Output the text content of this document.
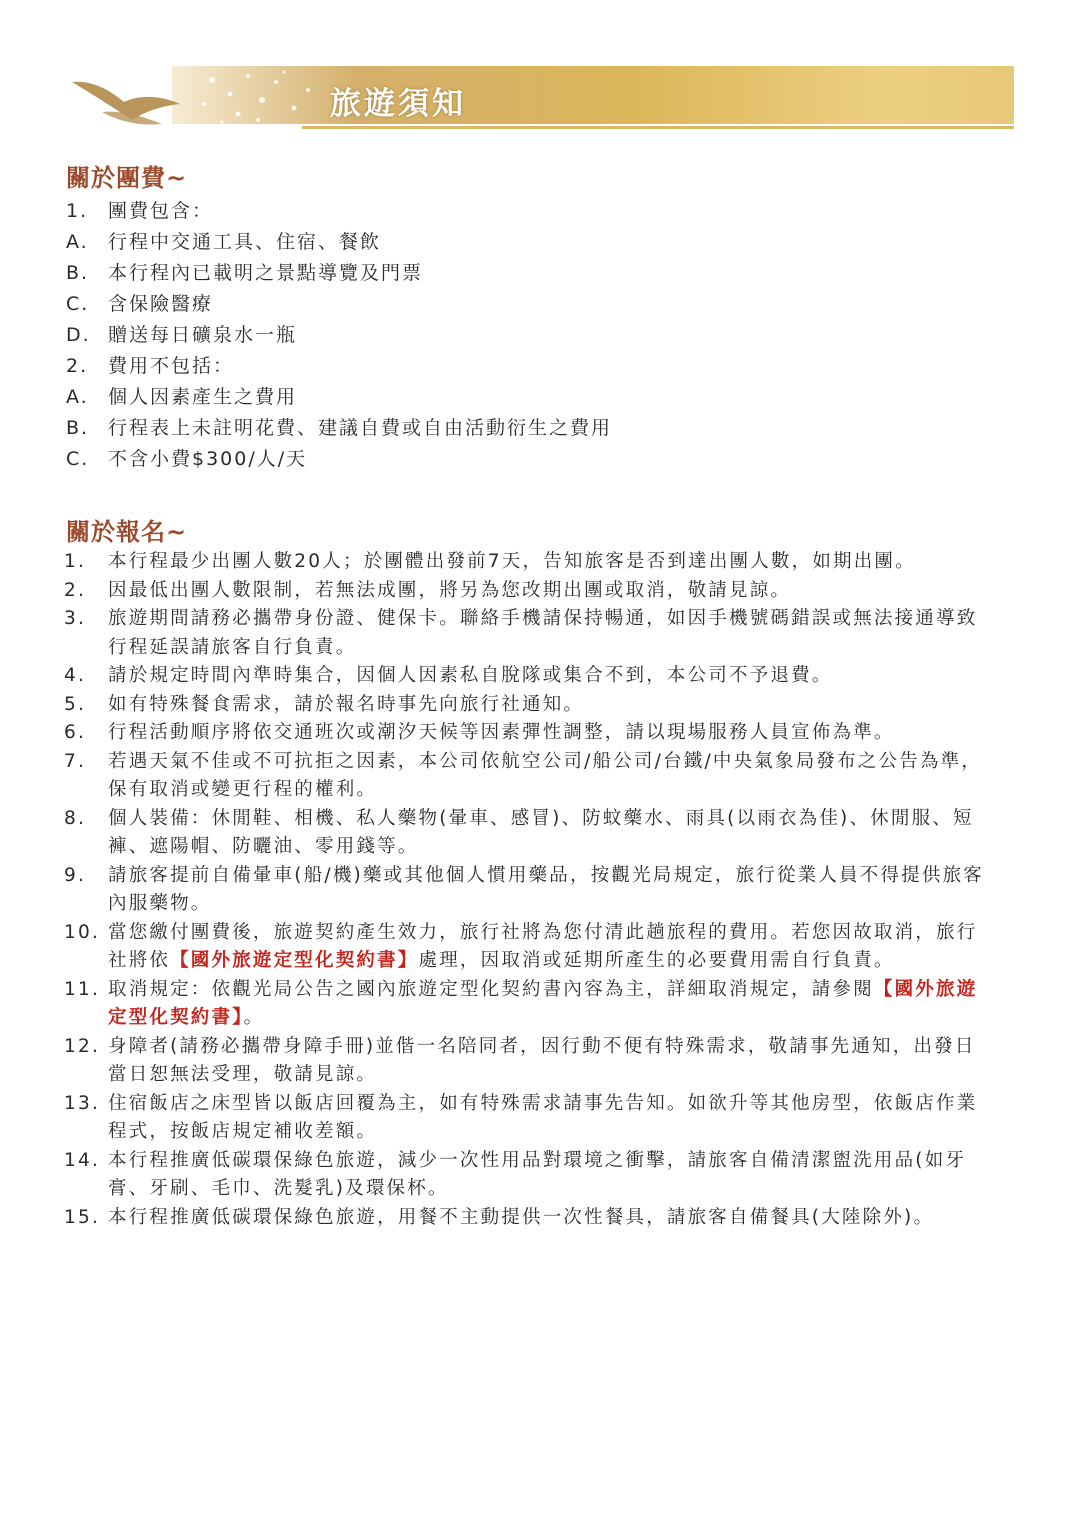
旅遊須知
關於團費~
1. 團費包含：
A. 行程中交通工具、住宿、餐飲
B. 本行程內已載明之景點導覽及門票
C. 含保險醫療
D. 贈送每日礦泉水一瓶
2. 費用不包括：
A. 個人因素產生之費用
B. 行程表上未註明花費、建議自費或自由活動衍生之費用
C. 不含小費$300/人/天
關於報名~
1. 本行程最少出團人數20人；於團體出發前7天，告知旅客是否到達出團人數，如期出團。
2. 因最低出團人數限制，若無法成團，將另為您改期出團或取消，敬請見諒。
3. 旅遊期間請務必攜帶身份證、健保卡。聯絡手機請保持暢通，如因手機號碼錯誤或無法接通導致行程延誤請旅客自行負責。
4. 請於規定時間內準時集合，因個人因素私自脫隊或集合不到，本公司不予退費。
5. 如有特殊餐食需求，請於報名時事先向旅行社通知。
6. 行程活動順序將依交通班次或潮汐天候等因素彈性調整，請以現場服務人員宣佈為準。
7. 若遇天氣不佳或不可抗拒之因素，本公司依航空公司/船公司/台鐵/中央氣象局發布之公告為準，保有取消或變更行程的權利。
8. 個人裝備：休閒鞋、相機、私人藥物(暈車、感冒)、防蚊藥水、雨具(以雨衣為佳)、休閒服、短褲、遮陽帽、防曬油、零用錢等。
9. 請旅客提前自備暈車(船/機)藥或其他個人慣用藥品，按觀光局規定，旅行從業人員不得提供旅客內服藥物。
10. 當您繳付團費後，旅遊契約產生效力，旅行社將為您付清此趟旅程的費用。若您因故取消，旅行社將依【國外旅遊定型化契約書】處理，因取消或延期所產生的必要費用需自行負責。
11. 取消規定：依觀光局公告之國內旅遊定型化契約書內容為主，詳細取消規定，請參閱【國外旅遊定型化契約書】。
12. 身障者(請務必攜帶身障手冊)並偕一名陪同者，因行動不便有特殊需求，敬請事先通知，出發日當日恕無法受理，敬請見諒。
13. 住宿飯店之床型皆以飯店回覆為主，如有特殊需求請事先告知。如欲升等其他房型，依飯店作業程式，按飯店規定補收差額。
14. 本行程推廣低碳環保綠色旅遊，減少一次性用品對環境之衝擊，請旅客自備清潔盥洗用品(如牙膏、牙刷、毛巾、洗髮乳)及環保杯。
15. 本行程推廣低碳環保綠色旅遊，用餐不主動提供一次性餐具，請旅客自備餐具(大陸除外)。
